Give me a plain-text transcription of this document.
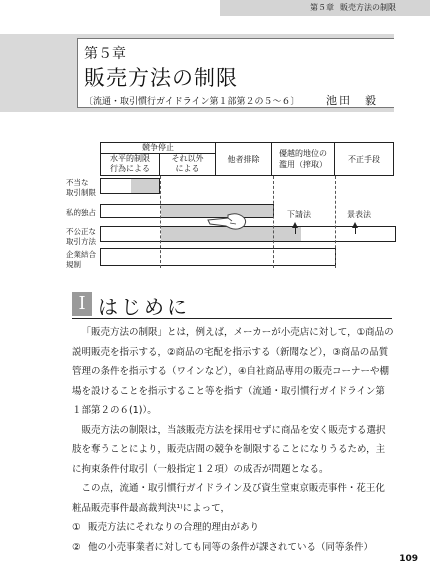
第５章 販売方法の制限
第５章
販売方法の制限
〔流通・取引慣行ガイドライン第１部第２の５～６〕 池田　毅
競争停止
水平的制限
行為による
それ以外
による
他者排除
優越的地位の
濫用（搾取）
不正手段
不当な
取引制限
私的独占
不公正な
取引方法
企業結合
規制
下請法	景表法
Ⅰ はじめに

「販売方法の制限」とは，例えば，メーカーが小売店に対して，①商品の説明販売を指示する，②商品の宅配を指示する（新聞など），③商品の品質管理の条件を指示する（ワインなど），④自社商品専用の販売コーナーや棚場を設けることを指示すること等を指す（流通・取引慣行ガイドライン第１部第２の６(1)）。

販売方法の制限は，当該販売方法を採用せずに商品を安く販売する選択肢を奪うことにより，販売店間の競争を制限することになりうるため，主に拘束条件付取引（一般指定１２項）の成否が問題となる。

この点，流通・取引慣行ガイドライン及び資生堂東京販売事件・花王化粧品販売事件最高裁判決¹⁾によって，

① 販売方法にそれなりの合理的理由があり

② 他の小売事業者に対しても同等の条件が課されている（同等条件）

109
